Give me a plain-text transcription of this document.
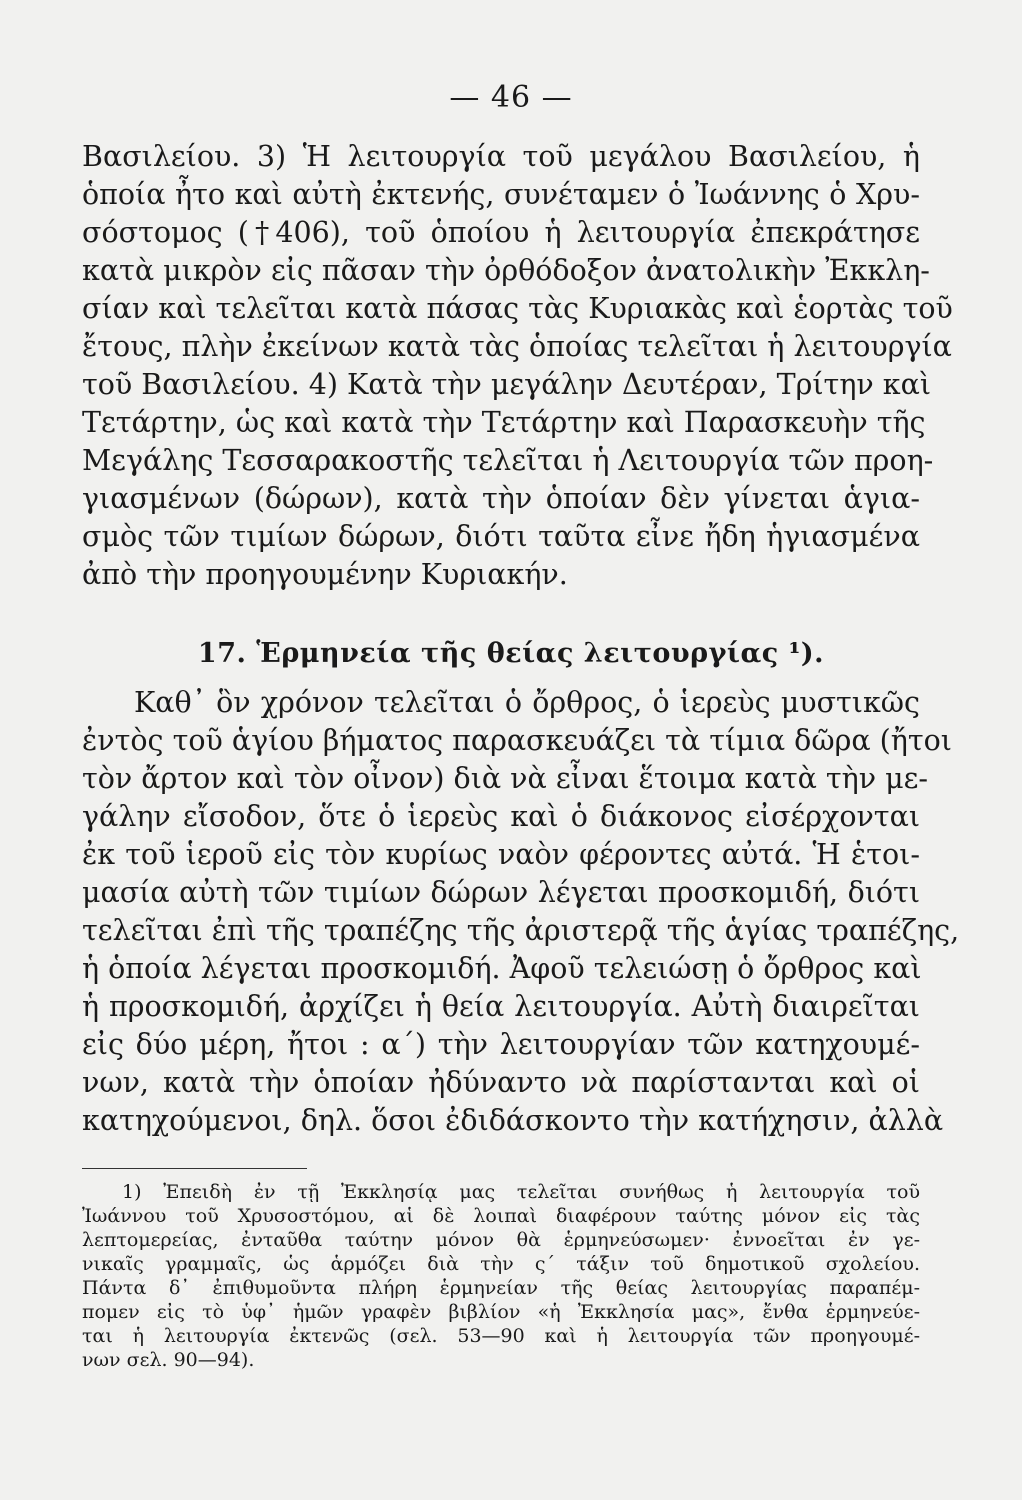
— 46 —
Βασιλείου. 3) Ἡ λειτουργία τοῦ μεγάλου Βασιλείου, ἡ
ὁποία ἦτο καὶ αὐτὴ ἐκτενής, συνέταμεν ὁ Ἰωάννης ὁ Χρυ-
σόστομος (†406), τοῦ ὁποίου ἡ λειτουργία ἐπεκράτησε
κατὰ μικρὸν εἰς πᾶσαν τὴν ὀρθόδοξον ἀνατολικὴν Ἐκκλη-
σίαν καὶ τελεῖται κατὰ πάσας τὰς Κυριακὰς καὶ ἑορτὰς τοῦ
ἔτους, πλὴν ἐκείνων κατὰ τὰς ὁποίας τελεῖται ἡ λειτουργία
τοῦ Βασιλείου. 4) Κατὰ τὴν μεγάλην Δευτέραν, Τρίτην καὶ
Τετάρτην, ὡς καὶ κατὰ τὴν Τετάρτην καὶ Παρασκευὴν τῆς
Μεγάλης Τεσσαρακοστῆς τελεῖται ἡ Λειτουργία τῶν προη-
γιασμένων (δώρων), κατὰ τὴν ὁποίαν δὲν γίνεται ἁγια-
σμὸς τῶν τιμίων δώρων, διότι ταῦτα εἶνε ἤδη ἡγιασμένα
ἀπὸ τὴν προηγουμένην Κυριακήν.
17. Ἑρμηνεία τῆς θείας λειτουργίας ¹).
Καθ᾽ ὃν χρόνον τελεῖται ὁ ὄρθρος, ὁ ἱερεὺς μυστικῶς
ἐντὸς τοῦ ἁγίου βήματος παρασκευάζει τὰ τίμια δῶρα (ἤτοι
τὸν ἄρτον καὶ τὸν οἶνον) διὰ νὰ εἶναι ἕτοιμα κατὰ τὴν με-
γάλην εἴσοδον, ὅτε ὁ ἱερεὺς καὶ ὁ διάκονος εἰσέρχονται
ἐκ τοῦ ἱεροῦ εἰς τὸν κυρίως ναὸν φέροντες αὐτά. Ἡ ἑτοι-
μασία αὐτὴ τῶν τιμίων δώρων λέγεται προσκομιδή, διότι
τελεῖται ἐπὶ τῆς τραπέζης τῆς ἀριστερᾷ τῆς ἁγίας τραπέζης,
ἡ ὁποία λέγεται προσκομιδή. Ἀφοῦ τελειώσῃ ὁ ὄρθρος καὶ
ἡ προσκομιδή, ἀρχίζει ἡ θεία λειτουργία. Αὐτὴ διαιρεῖται
εἰς δύο μέρη, ἤτοι : α΄) τὴν λειτουργίαν τῶν κατηχουμέ-
νων, κατὰ τὴν ὁποίαν ἠδύναντο νὰ παρίστανται καὶ οἱ
κατηχούμενοι, δηλ. ὅσοι ἐδιδάσκοντο τὴν κατήχησιν, ἀλλὰ
1) Ἐπειδὴ ἐν τῇ Ἐκκλησίᾳ μας τελεῖται συνήθως ἡ λειτουργία τοῦ
Ἰωάννου τοῦ Χρυσοστόμου, αἱ δὲ λοιπαὶ διαφέρουν ταύτης μόνον εἰς τὰς
λεπτομερείας, ἐνταῦθα ταύτην μόνον θὰ ἑρμηνεύσωμεν· ἐννοεῖται ἐν γε-
νικαῖς γραμμαῖς, ὡς ἁρμόζει διὰ τὴν ς΄ τάξιν τοῦ δημοτικοῦ σχολείου.
Πάντα δ᾽ ἐπιθυμοῦντα πλήρη ἑρμηνείαν τῆς θείας λειτουργίας παραπέμ-
πομεν εἰς τὸ ὑφ᾽ ἡμῶν γραφὲν βιβλίον «ἡ Ἐκκλησία μας», ἔνθα ἑρμηνεύε-
ται ἡ λειτουργία ἐκτενῶς (σελ. 53—90 καὶ ἡ λειτουργία τῶν προηγουμέ-
νων σελ. 90—94).
